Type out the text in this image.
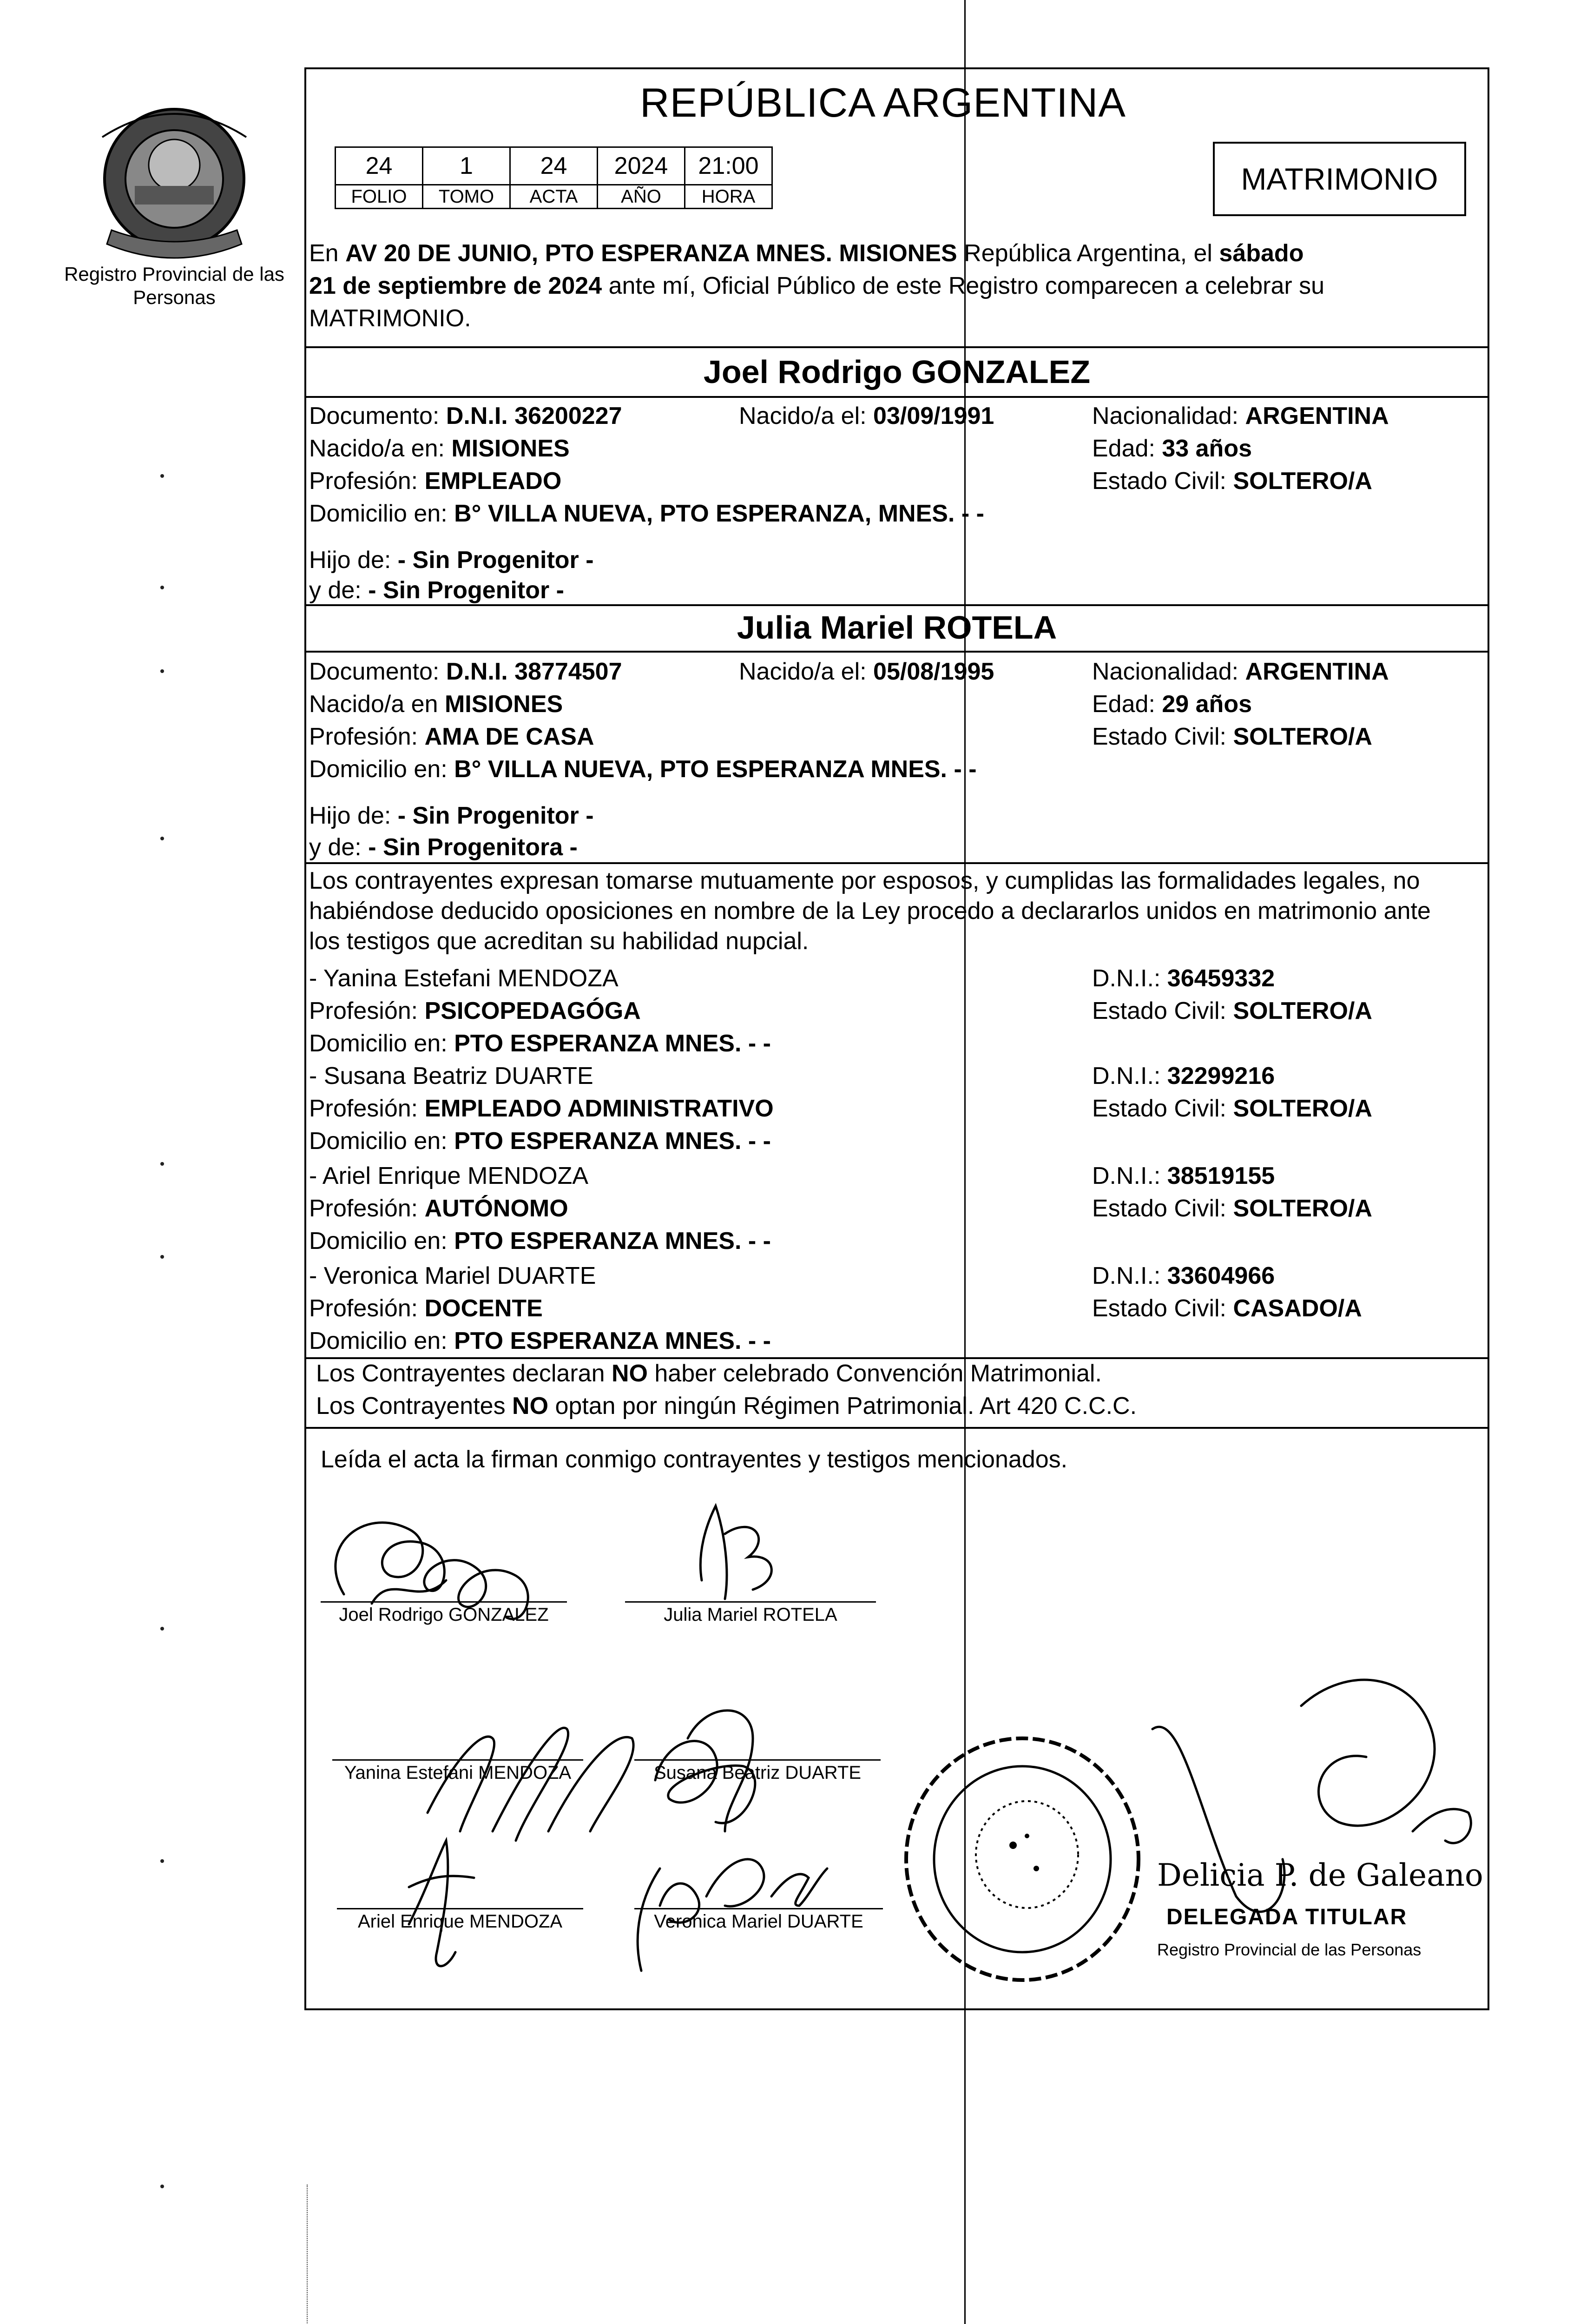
Registro Provincial de las Personas
REPÚBLICA ARGENTINA
24	1	24	2024	21:00
FOLIO	TOMO	ACTA	AÑO	HORA
MATRIMONIO
En AV 20 DE JUNIO, PTO ESPERANZA MNES. MISIONES República Argentina, el sábado
21 de septiembre de 2024 ante mí, Oficial Público de este Registro comparecen a celebrar su
MATRIMONIO.
Joel Rodrigo GONZALEZ
Documento: D.N.I. 36200227	Nacido/a el: 03/09/1991	Nacionalidad: ARGENTINA
Nacido/a en: MISIONES	Edad: 33 años
Profesión: EMPLEADO	Estado Civil: SOLTERO/A
Domicilio en: B° VILLA NUEVA, PTO ESPERANZA, MNES. - -
Hijo de: - Sin Progenitor -
y de: - Sin Progenitor -
Julia Mariel ROTELA
Documento: D.N.I. 38774507	Nacido/a el: 05/08/1995	Nacionalidad: ARGENTINA
Nacido/a en MISIONES	Edad: 29 años
Profesión: AMA DE CASA	Estado Civil: SOLTERO/A
Domicilio en: B° VILLA NUEVA, PTO ESPERANZA MNES. - -
Hijo de: - Sin Progenitor -
y de: - Sin Progenitora -
Los contrayentes expresan tomarse mutuamente por esposos, y cumplidas las formalidades legales, no
habiéndose deducido oposiciones en nombre de la Ley procedo a declararlos unidos en matrimonio ante
los testigos que acreditan su habilidad nupcial.
- Yanina Estefani MENDOZA	D.N.I.: 36459332
Profesión: PSICOPEDAGÓGA	Estado Civil: SOLTERO/A
Domicilio en: PTO ESPERANZA MNES. - -
- Susana Beatriz DUARTE	D.N.I.: 32299216
Profesión: EMPLEADO ADMINISTRATIVO	Estado Civil: SOLTERO/A
Domicilio en: PTO ESPERANZA MNES. - -
- Ariel Enrique MENDOZA	D.N.I.: 38519155
Profesión: AUTÓNOMO	Estado Civil: SOLTERO/A
Domicilio en: PTO ESPERANZA MNES. - -
- Veronica Mariel DUARTE	D.N.I.: 33604966
Profesión: DOCENTE	Estado Civil: CASADO/A
Domicilio en: PTO ESPERANZA MNES. - -
Los Contrayentes declaran NO haber celebrado Convención Matrimonial.
Los Contrayentes NO optan por ningún Régimen Patrimonial. Art 420 C.C.C.
Leída el acta la firman conmigo contrayentes y testigos mencionados.
Joel Rodrigo GONZALEZ	Julia Mariel ROTELA
Yanina Estefani MENDOZA	Susana Beatriz DUARTE
Ariel Enrique MENDOZA	Veronica Mariel DUARTE
Delicia P. de Galeano
DELEGADA TITULAR
Registro Provincial de las Personas
